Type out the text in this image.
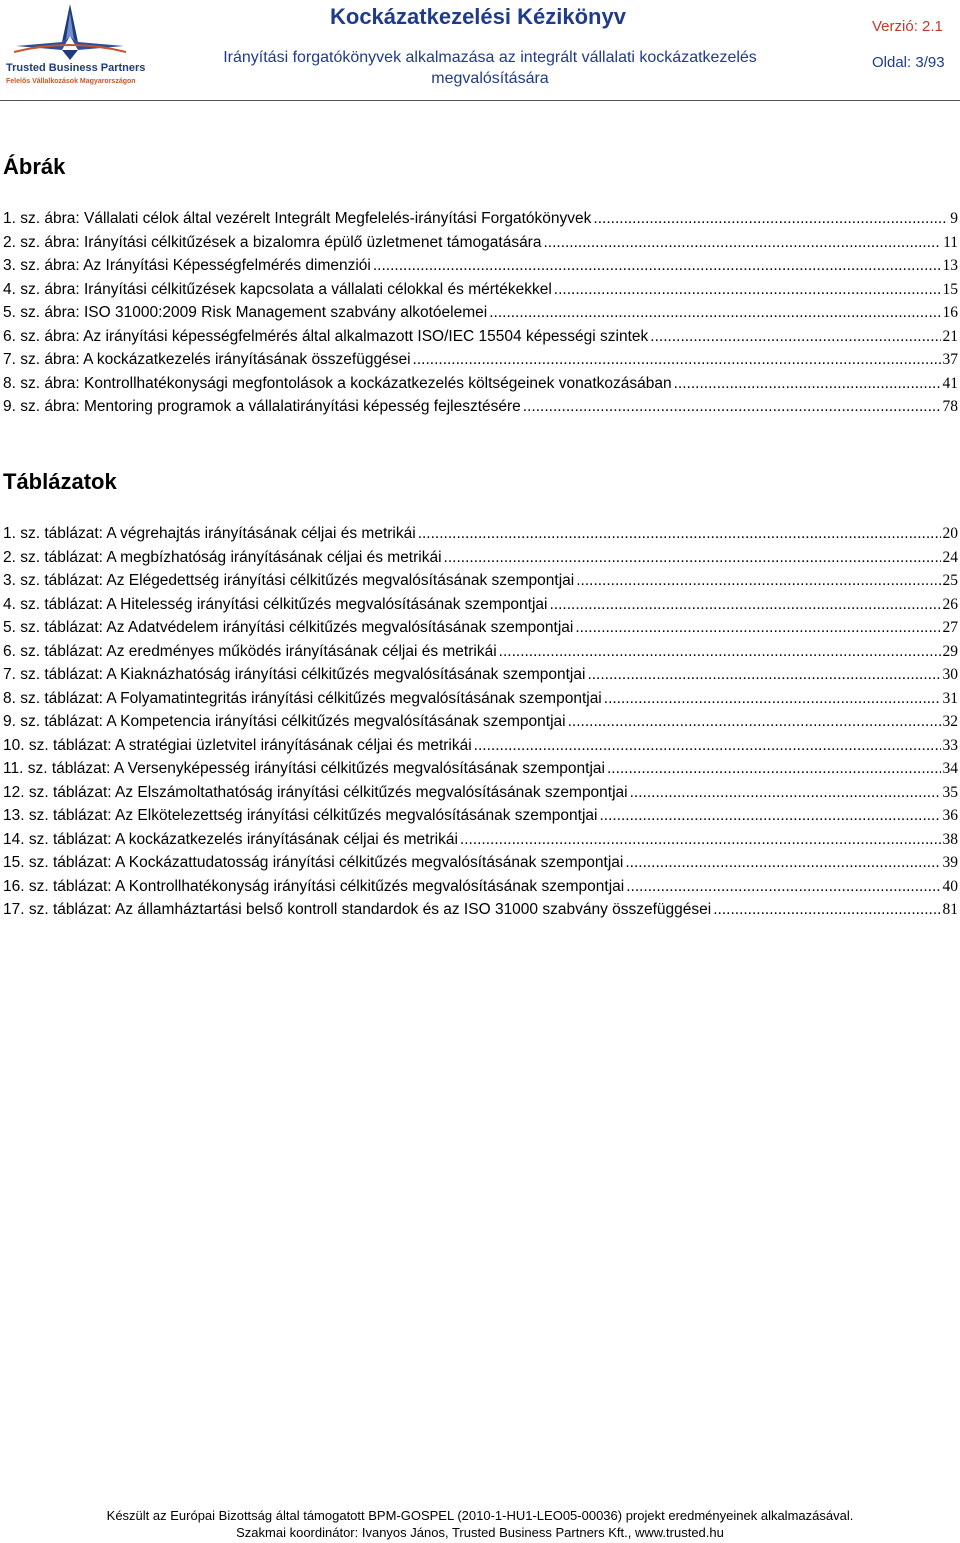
Trusted Business Partners
Felelős Vállalkozások Magyarországon
Kockázatkezelési Kézikönyv
Irányítási forgatókönyvek alkalmazása az integrált vállalati kockázatkezelés megvalósítására
Verzió: 2.1
Oldal: 3/93
Ábrák
1. sz. ábra: Vállalati célok által vezérelt Integrált Megfelelés-irányítási Forgatókönyvek .....	9
2. sz. ábra: Irányítási célkitűzések a bizalomra épülő üzletmenet támogatására .....	11
3. sz. ábra: Az Irányítási Képességfelmérés dimenziói .....	13
4. sz. ábra: Irányítási célkitűzések kapcsolata a vállalati célokkal és mértékekkel .....	15
5. sz. ábra: ISO 31000:2009 Risk Management szabvány alkotóelemei .....	16
6. sz. ábra: Az irányítási képességfelmérés által alkalmazott ISO/IEC 15504 képességi szintek .....	21
7. sz. ábra: A kockázatkezelés irányításának összefüggései .....	37
8. sz. ábra: Kontrollhatékonysági megfontolások a kockázatkezelés költségeinek vonatkozásában .....	41
9. sz. ábra: Mentoring programok a vállalatirányítási képesség fejlesztésére .....	78
Táblázatok
1. sz. táblázat: A végrehajtás irányításának céljai és metrikái .....	20
2. sz. táblázat: A megbízhatóság irányításának céljai és metrikái .....	24
3. sz. táblázat: Az Elégedettség irányítási célkitűzés megvalósításának szempontjai .....	25
4. sz. táblázat: A Hitelesség irányítási célkitűzés megvalósításának szempontjai .....	26
5. sz. táblázat: Az Adatvédelem irányítási célkitűzés megvalósításának szempontjai .....	27
6. sz. táblázat: Az eredményes működés irányításának céljai és metrikái .....	29
7. sz. táblázat: A Kiaknázhatóság irányítási célkitűzés megvalósításának szempontjai .....	30
8. sz. táblázat: A Folyamatintegritás irányítási célkitűzés megvalósításának szempontjai .....	31
9. sz. táblázat: A Kompetencia irányítási célkitűzés megvalósításának szempontjai .....	32
10. sz. táblázat: A stratégiai üzletvitel irányításának céljai és metrikái .....	33
11. sz. táblázat: A Versenyképesség irányítási célkitűzés megvalósításának szempontjai .....	34
12. sz. táblázat: Az Elszámoltathatóság irányítási célkitűzés megvalósításának szempontjai .....	35
13. sz. táblázat: Az Elkötelezettség irányítási célkitűzés megvalósításának szempontjai .....	36
14. sz. táblázat: A kockázatkezelés irányításának céljai és metrikái .....	38
15. sz. táblázat: A Kockázattudatosság irányítási célkitűzés megvalósításának szempontjai .....	39
16. sz. táblázat: A Kontrollhatékonyság irányítási célkitűzés megvalósításának szempontjai .....	40
17. sz. táblázat: Az államháztartási belső kontroll standardok és az ISO 31000 szabvány összefüggései .....	81
Készült az Európai Bizottság által támogatott BPM-GOSPEL (2010-1-HU1-LEO05-00036) projekt eredményeinek alkalmazásával.
Szakmai koordinátor: Ivanyos János, Trusted Business Partners Kft., www.trusted.hu
